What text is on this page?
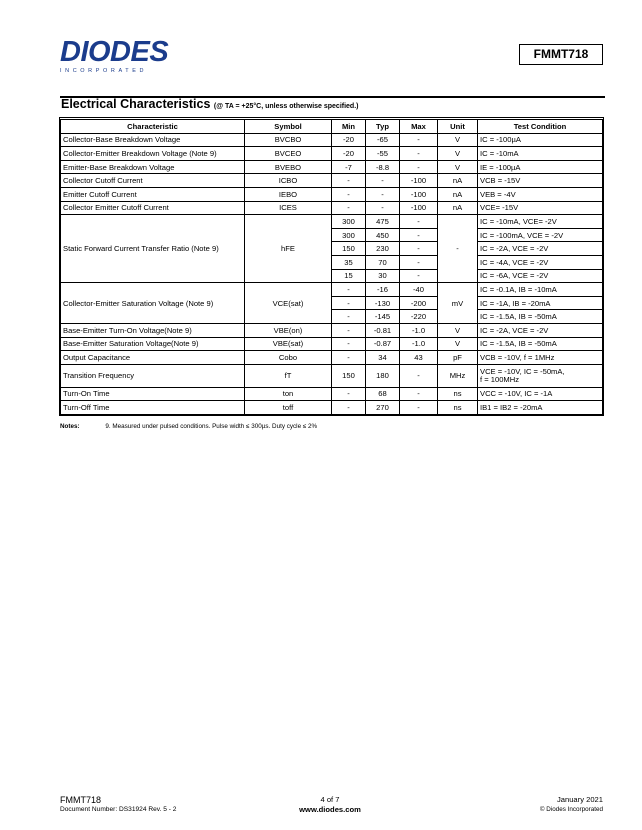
DIODES
INCORPORATED
FMMT718
Electrical Characteristics (@ TA = +25°C, unless otherwise specified.)
Characteristic	Symbol	Min	Typ	Max	Unit	Test Condition
Collector-Base Breakdown Voltage	BVCBO	-20	-65	-	V	IC = -100µA
Collector-Emitter Breakdown Voltage (Note 9)	BVCEO	-20	-55	-	V	IC = -10mA
Emitter-Base Breakdown Voltage	BVEBO	-7	-8.8	-	V	IE = -100µA
Collector Cutoff Current	ICBO	-	-	-100	nA	VCB = -15V
Emitter Cutoff Current	IEBO	-	-	-100	nA	VEB = -4V
Collector Emitter Cutoff Current	ICES	-	-	-100	nA	VCE= -15V
Static Forward Current Transfer Ratio (Note 9)	hFE	300	475	-	-	IC = -10mA, VCE= -2V
		300	450	-		IC = -100mA, VCE = -2V
		150	230	-		IC = -2A, VCE = -2V
		35	70	-		IC = -4A, VCE = -2V
		15	30	-		IC = -6A, VCE = -2V
Collector-Emitter Saturation Voltage (Note 9)	VCE(sat)	-	-16	-40	mV	IC = -0.1A, IB = -10mA
		-	-130	-200		IC = -1A, IB = -20mA
		-	-145	-220		IC = -1.5A, IB = -50mA
Base-Emitter Turn-On Voltage(Note 9)	VBE(on)	-	-0.81	-1.0	V	IC = -2A, VCE = -2V
Base-Emitter Saturation Voltage(Note 9)	VBE(sat)	-	-0.87	-1.0	V	IC = -1.5A, IB = -50mA
Output Capacitance	Cobo	-	34	43	pF	VCB = -10V, f = 1MHz
Transition Frequency	fT	150	180	-	MHz	VCE = -10V, IC = -50mA,
f = 100MHz

Turn-On Time	ton	-	68	-	ns	VCC = -10V, IC = -1A
Turn-Off Time	toff	-	270	-	ns	IB1 = IB2 = -20mA
Notes:	9. Measured under pulsed conditions. Pulse width ≤ 300µs. Duty cycle ≤ 2%
FMMT718
Document Number: DS31924 Rev. 5 - 2
4 of 7
www.diodes.com
January 2021
© Diodes Incorporated
